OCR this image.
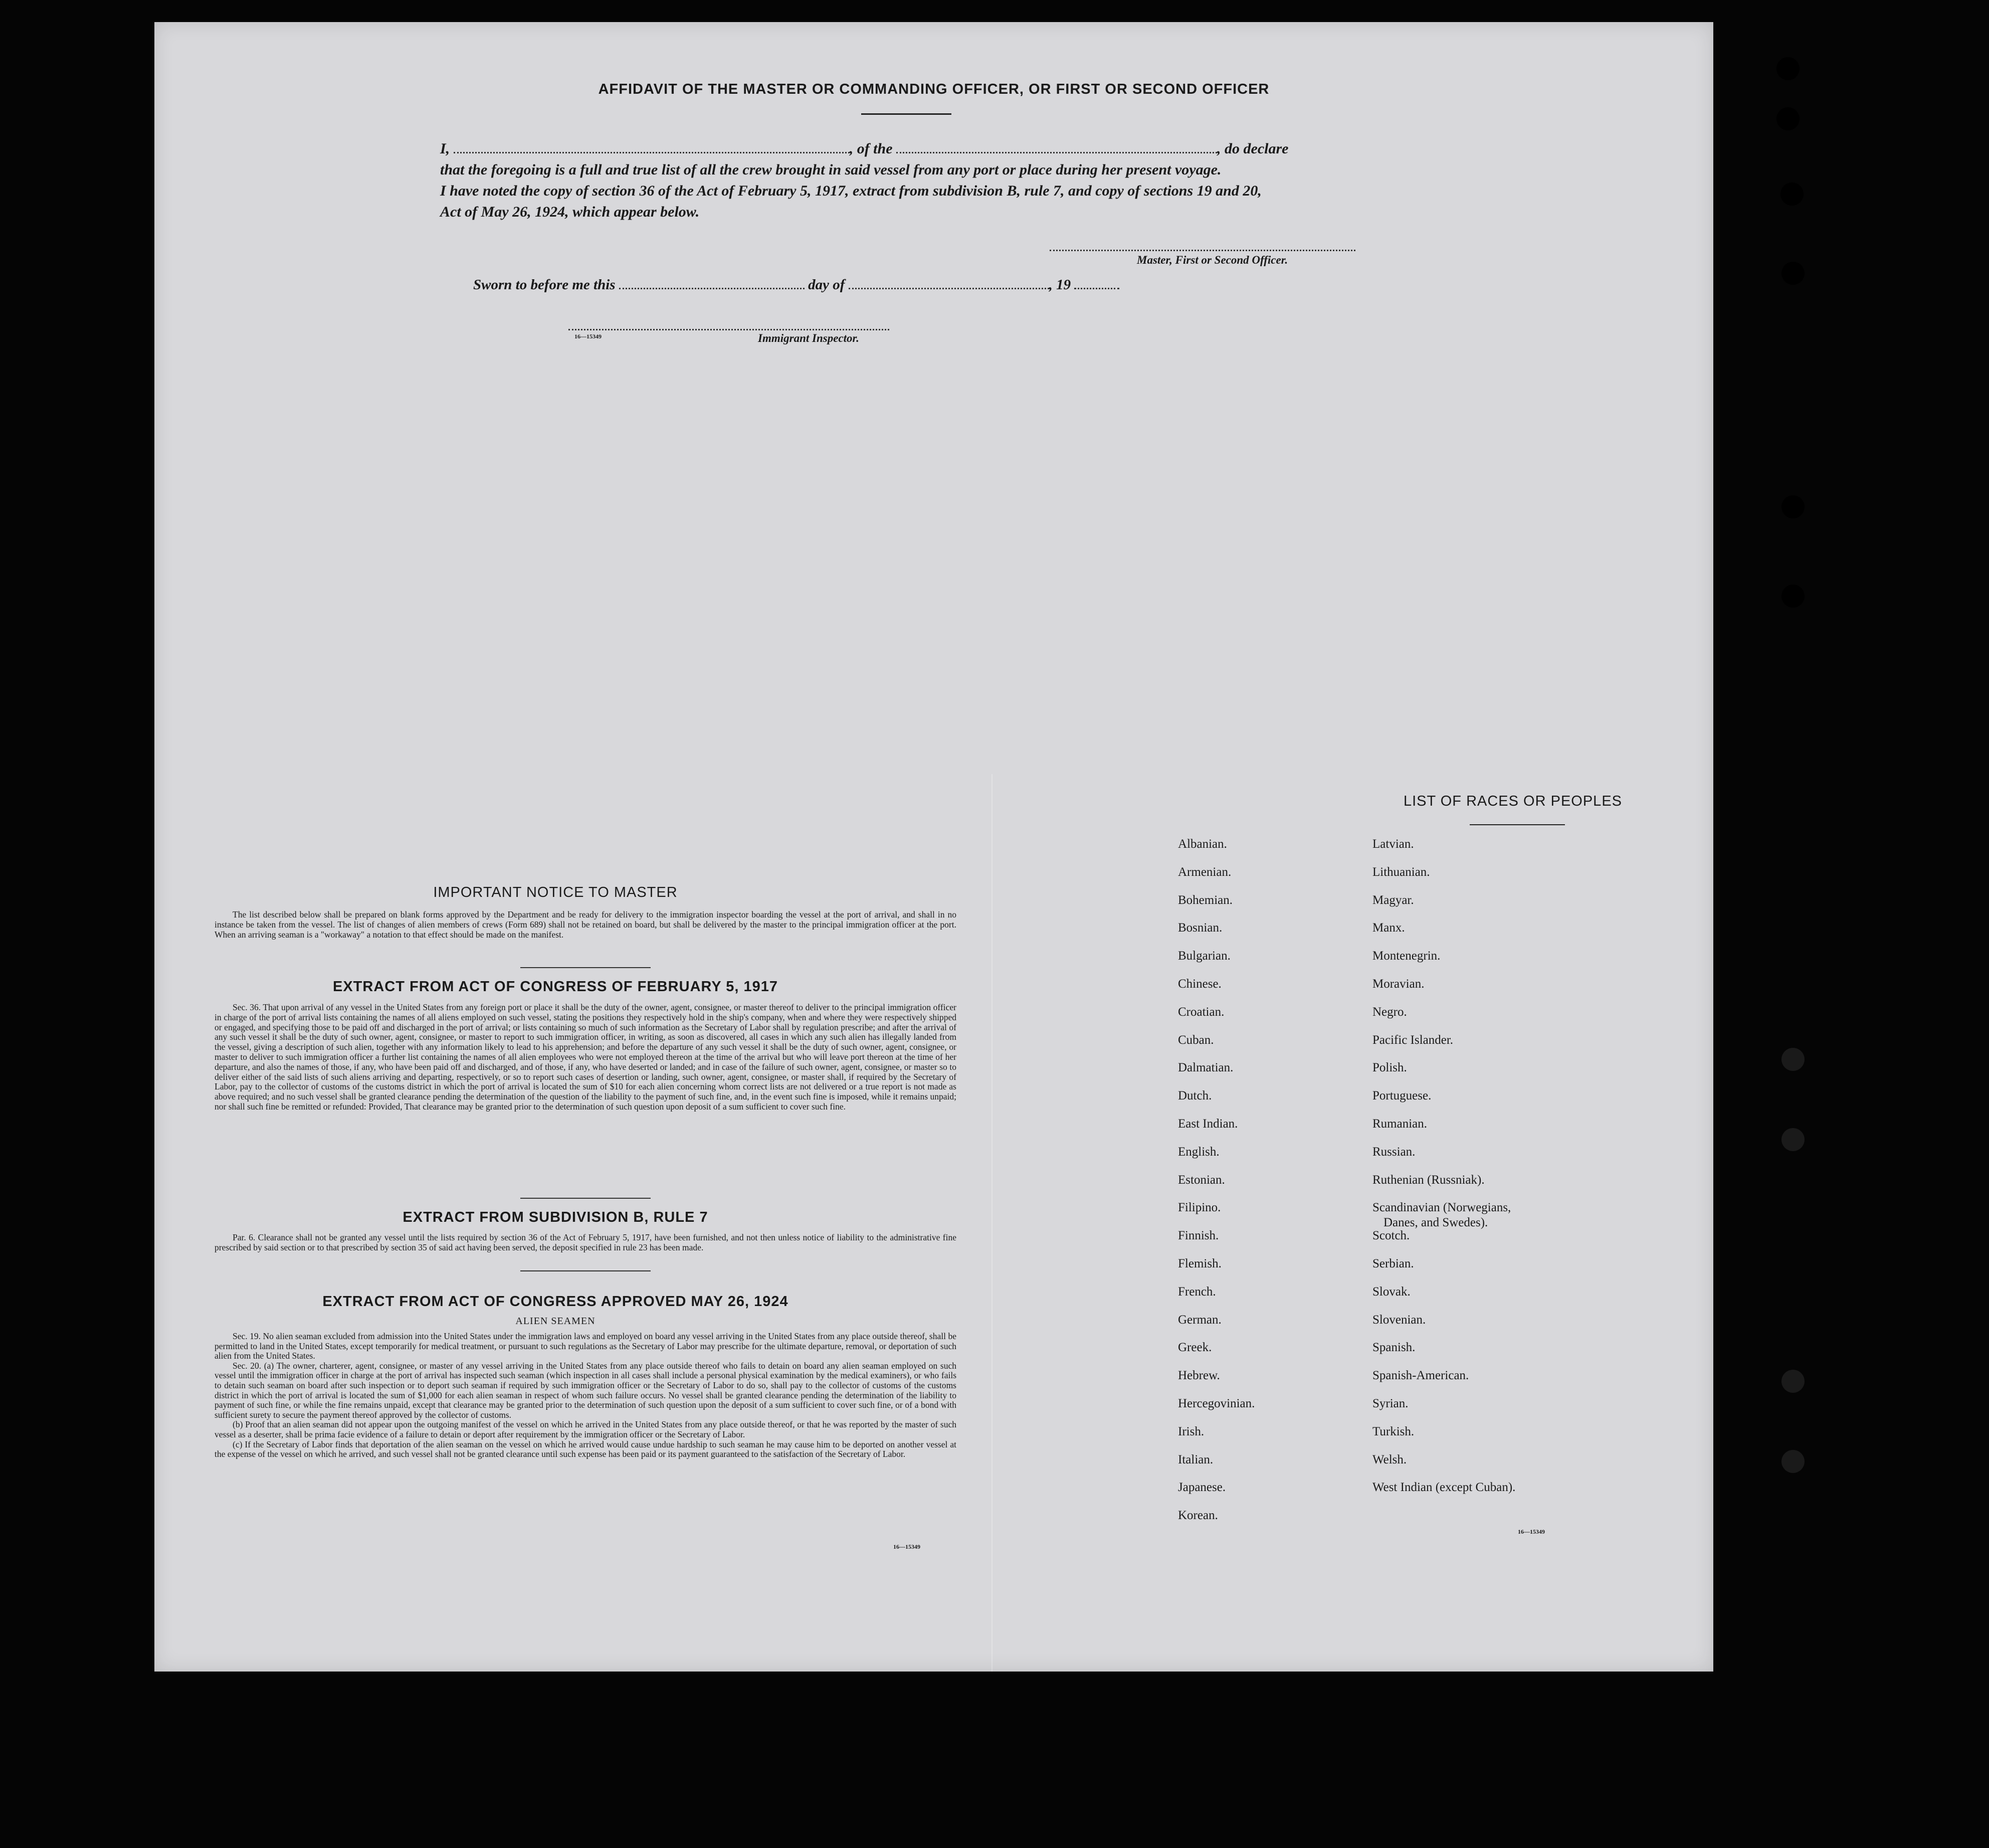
AFFIDAVIT OF THE MASTER OR COMMANDING OFFICER, OR FIRST OR SECOND OFFICER
I,	, of the	, do declare
that the foregoing is a full and true list of all the crew brought in said vessel from any port or place during her present voyage.
I have noted the copy of section 36 of the Act of February 5, 1917, extract from subdivision B, rule 7, and copy of sections 19 and 20,
Act of May 26, 1924, which appear below.
Master, First or Second Officer.
Sworn to before me this	day of	, 19
16—15349	Immigrant Inspector.
IMPORTANT NOTICE TO MASTER

The list described below shall be prepared on blank forms approved by the Department and be ready for delivery to the immigration inspector boarding the vessel at the port of arrival, and shall in no instance be taken from the vessel. The list of changes of alien members of crews (Form 689) shall not be retained on board, but shall be delivered by the master to the principal immigration officer at the port. When an arriving seaman is a "workaway" a notation to that effect should be made on the manifest.

EXTRACT FROM ACT OF CONGRESS OF FEBRUARY 5, 1917

Sec. 36. That upon arrival of any vessel in the United States from any foreign port or place it shall be the duty of the owner, agent, consignee, or master thereof to deliver to the principal immigration officer in charge of the port of arrival lists containing the names of all aliens employed on such vessel, stating the positions they respectively hold in the ship's company, when and where they were respectively shipped or engaged, and specifying those to be paid off and discharged in the port of arrival; or lists containing so much of such information as the Secretary of Labor shall by regulation prescribe; and after the arrival of any such vessel it shall be the duty of such owner, agent, consignee, or master to report to such immigration officer, in writing, as soon as discovered, all cases in which any such alien has illegally landed from the vessel, giving a description of such alien, together with any information likely to lead to his apprehension; and before the departure of any such vessel it shall be the duty of such owner, agent, consignee, or master to deliver to such immigration officer a further list containing the names of all alien employees who were not employed thereon at the time of the arrival but who will leave port thereon at the time of her departure, and also the names of those, if any, who have been paid off and discharged, and of those, if any, who have deserted or landed; and in case of the failure of such owner, agent, consignee, or master so to deliver either of the said lists of such aliens arriving and departing, respectively, or so to report such cases of desertion or landing, such owner, agent, consignee, or master shall, if required by the Secretary of Labor, pay to the collector of customs of the customs district in which the port of arrival is located the sum of $10 for each alien concerning whom correct lists are not delivered or a true report is not made as above required; and no such vessel shall be granted clearance pending the determination of the question of the liability to the payment of such fine, and, in the event such fine is imposed, while it remains unpaid; nor shall such fine be remitted or refunded: Provided, That clearance may be granted prior to the determination of such question upon deposit of a sum sufficient to cover such fine.

EXTRACT FROM SUBDIVISION B, RULE 7

Par. 6. Clearance shall not be granted any vessel until the lists required by section 36 of the Act of February 5, 1917, have been furnished, and not then unless notice of liability to the administrative fine prescribed by said section or to that prescribed by section 35 of said act having been served, the deposit specified in rule 23 has been made.

EXTRACT FROM ACT OF CONGRESS APPROVED MAY 26, 1924
ALIEN SEAMEN

Sec. 19. No alien seaman excluded from admission into the United States under the immigration laws and employed on board any vessel arriving in the United States from any place outside thereof, shall be permitted to land in the United States, except temporarily for medical treatment, or pursuant to such regulations as the Secretary of Labor may prescribe for the ultimate departure, removal, or deportation of such alien from the United States.

Sec. 20. (a) The owner, charterer, agent, consignee, or master of any vessel arriving in the United States from any place outside thereof who fails to detain on board any alien seaman employed on such vessel until the immigration officer in charge at the port of arrival has inspected such seaman (which inspection in all cases shall include a personal physical examination by the medical examiners), or who fails to detain such seaman on board after such inspection or to deport such seaman if required by such immigration officer or the Secretary of Labor to do so, shall pay to the collector of customs of the customs district in which the port of arrival is located the sum of $1,000 for each alien seaman in respect of whom such failure occurs. No vessel shall be granted clearance pending the determination of the liability to payment of such fine, or while the fine remains unpaid, except that clearance may be granted prior to the determination of such question upon the deposit of a sum sufficient to cover such fine, or of a bond with sufficient surety to secure the payment thereof approved by the collector of customs.

(b) Proof that an alien seaman did not appear upon the outgoing manifest of the vessel on which he arrived in the United States from any place outside thereof, or that he was reported by the master of such vessel as a deserter, shall be prima facie evidence of a failure to detain or deport after requirement by the immigration officer or the Secretary of Labor.

(c) If the Secretary of Labor finds that deportation of the alien seaman on the vessel on which he arrived would cause undue hardship to such seaman he may cause him to be deported on another vessel at the expense of the vessel on which he arrived, and such vessel shall not be granted clearance until such expense has been paid or its payment guaranteed to the satisfaction of the Secretary of Labor.

16—15349
LIST OF RACES OR PEOPLES
Albanian.
Armenian.
Bohemian.
Bosnian.
Bulgarian.
Chinese.
Croatian.
Cuban.
Dalmatian.
Dutch.
East Indian.
English.
Estonian.
Filipino.
Finnish.
Flemish.
French.
German.
Greek.
Hebrew.
Hercegovinian.
Irish.
Italian.
Japanese.
Korean.
Latvian.
Lithuanian.
Magyar.
Manx.
Montenegrin.
Moravian.
Negro.
Pacific Islander.
Polish.
Portuguese.
Rumanian.
Russian.
Ruthenian (Russniak).
Scandinavian (Norwegians,
Danes, and Swedes).
Scotch.
Serbian.
Slovak.
Slovenian.
Spanish.
Spanish-American.
Syrian.
Turkish.
Welsh.
West Indian (except Cuban).
16—15349
